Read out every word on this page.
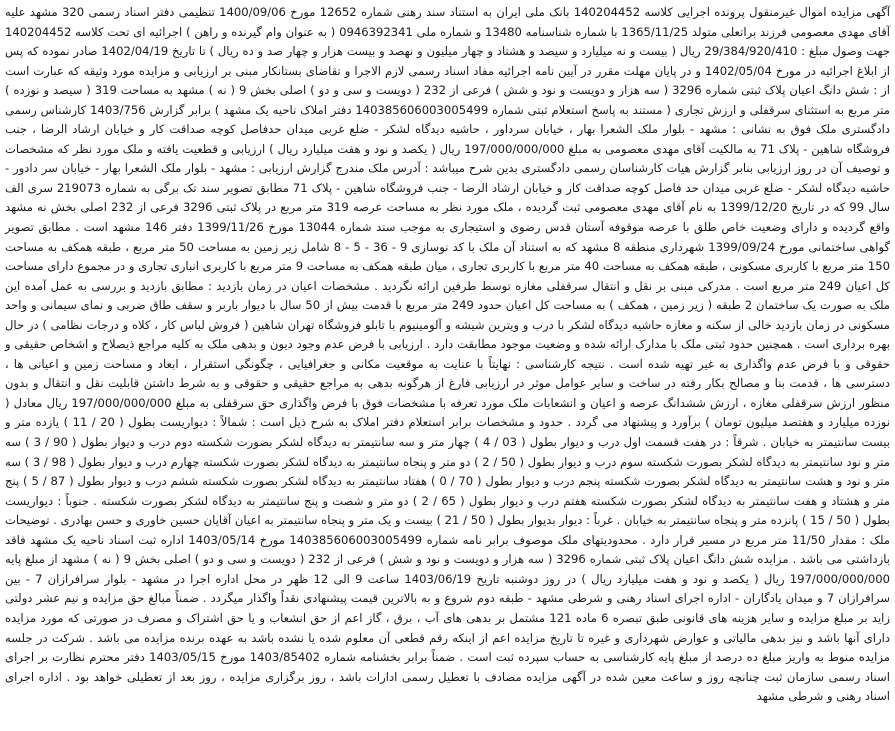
آگهی مزایده اموال غیرمنقول پرونده اجرایی کلاسه 140204452 بانک ملی ایران به استناد سند رهنی شماره 12652 مورخ 1400/09/06 تنظیمی دفتر اسناد رسمی 320 مشهد علیه آقای مهدی معصومی فرزند براتعلی متولد 1365/11/25 با شماره شناسنامه 13480 و شماره ملی 0946392341 ( به عنوان وام گیرنده و راهن ) اجرائیه ای تحت کلاسه 140204452 جهت وصول مبلغ : 29/384/920/410 ریال ( بیست و نه میلیارد و سیصد و هشتاد و چهار میلیون و نهصد و بیست هزار و چهار صد و ده ریال ) تا تاریخ 1402/04/19 صادر نموده که پس از ابلاغ اجرائیه در مورخ 1402/05/04 و در پایان مهلت مقرر در آیین نامه اجرائیه مفاد اسناد رسمی لازم الاجرا و تقاضای بستانکار مبنی بر ارزیابی و مزایده مورد وثیقه که عبارت است از : شش دانگ اعیان پلاک ثبتی شماره 3296 ( سه هزار و دویست و نود و شش ) فرعی از 232 ( دویست و سی و دو ) اصلی بخش 9 ( نه ) مشهد به مساحت 319 ( سیصد و نوزده ) متر مربع به استثنای سرقفلی و ارزش تجاری ( مستند به پاسخ استعلام ثبتی شماره 140385606003005499 دفتر املاک ناحیه یک مشهد ) برابر گزارش 1403/756 کارشناس رسمی دادگستری ملک فوق به نشانی : مشهد - بلوار ملک الشعرا بهار ، خیابان سرداور ، حاشیه دیدگاه لشکر - ضلع غربی میدان حدفاصل کوچه صداقت کار و خیابان ارشاد الرضا ، جنب فروشگاه شاهین - پلاک 71 به مالکیت آقای مهدی معصومی به مبلغ 197/000/000/000 ریال ( یکصد و نود و هفت میلیارد ریال ) ارزیابی و قطعیت یافته و ملک مورد نظر که مشخصات و توصیف آن در روز ارزیابی بنابر گزارش هیات کارشناسان رسمی دادگستری بدین شرح میباشد : آدرس ملک مندرج گزارش ارزیابی : مشهد - بلوار ملک الشعرا بهار - خیابان سر دادور - حاشیه دیدگاه لشکر - ضلع غربی میدان حد فاصل کوچه صداقت کار و خیابان ارشاد الرضا - جنب فروشگاه شاهین - پلاک 71 مطابق تصویر سند تک برگی به شماره 219073 سری الف سال 99 که در تاریخ 1399/12/20 به نام آقای مهدی معصومی ثبت گردیده ، ملک مورد نظر به مساحت عرصه 319 متر مربع در پلاک ثبتی 3296 فرعی از 232 اصلی بخش نه مشهد واقع گردیده و دارای وضعیت خاص طلق با عرصه موقوفه آستان قدس رضوی و استیجاری به موجب سند شماره 13044 مورخ 1399/11/26 دفتر 146 مشهد است . مطابق تصویر گواهی ساختمانی مورخ 1399/09/24 شهرداری منطقه 8 مشهد که به استناد آن ملک با کد نوسازی 9 - 36 - 5 - 8 شامل زیر زمین به مساحت 50 متر مربع ، طبقه همکف به مساحت 150 متر مربع با کاربری مسکونی ، طبقه همکف به مساحت 40 متر مربع با کاربری تجاری ، میان طبقه همکف به مساحت 9 متر مربع با کاربری انباری تجاری و در مجموع دارای مساحت کل اعیان 249 متر مربع است . مدرکی مبنی بر نقل و انتقال سرقفلی مغازه توسط طرفین ارائه نگردید . مشخصات اعیان در زمان بازدید : مطابق بازدید و بررسی به عمل آمده این ملک به صورت یک ساختمان 2 طبقه ( زیر زمین ، همکف ) به مساحت کل اعیان حدود 249 متر مربع با قدمت بیش از 50 سال با دیوار باربر و سقف طاق ضربی و نمای سیمانی و واحد مسکونی در زمان بازدید خالی از سکنه و مغازه حاشیه دیدگاه لشکر با درب و ویترین شیشه و آلومینیوم با تابلو فروشگاه تهران شاهین ( فروش لباس کار ، کلاه و درجات نظامی ) در حال بهره برداری است . همچنین حدود ثبتی ملک با مدارک ارائه شده و وضعیت موجود مطابقت دارد . ارزیابی با فرض عدم وجود دیون و بدهی ملک به کلیه مراجع ذیصلاح و اشخاص حقیقی و حقوقی و با فرض عدم واگذاری به غیر تهیه شده است . نتیجه کارشناسی : نهایتاً با عنایت به موقعیت مکانی و جغرافیایی ، چگونگی استقرار ، ابعاد و مساحت زمین و اعیانی ها ، دسترسی ها ، قدمت بنا و مصالح بکار رفته در ساخت و سایر عوامل موثر در ارزیابی فارغ از هرگونه بدهی به مراجع حقیقی و حقوقی و به شرط داشتن قابلیت نقل و انتقال و بدون منظور ارزش سرقفلی مغازه ، ارزش ششدانگ عرصه و اعیان و انشعابات ملک مورد تعرفه با مشخصات فوق با فرض واگذاری حق سرقفلی به مبلغ 197/000/000/000 ریال معادل ( نوزده میلیارد و هفتصد میلیون تومان ) برآورد و پیشنهاد می گردد . حدود و مشخصات برابر استعلام دفتر املاک به شرح ذیل است : شمالاً : دیواریست بطول ( 20 / 11 ) یازده متر و بیست سانتیمتر به خیابان . شرقاً : در هفت قسمت اول درب و دیوار بطول ( 03 / 4 ) چهار متر و سه سانتیمتر به دیدگاه لشکر بصورت شکسته دوم درب و دیوار بطول ( 90 / 3 ) سه متر و نود سانتیمتر به دیدگاه لشکر بصورت شکسته سوم درب و دیوار بطول ( 50 / 2 ) دو متر و پنجاه سانتیمتر به دیدگاه لشکر بصورت شکسته چهارم درب و دیوار بطول ( 98 / 3 ) سه متر و نود و هشت سانتیمتر به دیدگاه لشکر بصورت شکسته پنجم درب و دیوار بطول ( 70 / 0 ) هفتاد سانتیمتر به دیدگاه لشکر بصورت شکسته ششم درب و دیوار بطول ( 87 / 5 ) پنج متر و هشتاد و هفت سانتیمتر به دیدگاه لشکر بصورت شکسته هفتم درب و دیوار بطول ( 65 / 2 ) دو متر و شصت و پنج سانتیمتر به دیدگاه لشکر بصورت شکسته . جنوباً : دیواریست بطول ( 50 / 15 ) پانزده متر و پنجاه سانتیمتر به خیابان . غرباً : دیوار بدیوار بطول ( 50 / 21 ) بیست و یک متر و پنجاه سانتیمتر به اعیان آقایان حسین خاوری و حسن بهادری . توضیحات ملک : مقدار 11/50 متر مربع در مسیر قرار دارد . محدودیتهای ملک موصوف برابر نامه شماره 140385606003005499 مورخ 1403/05/14 اداره ثبت اسناد ناحیه یک مشهد فاقد بازداشتی می باشد . مزایده شش دانگ اعیان پلاک ثبتی شماره 3296 ( سه هزار و دویست و نود و شش ) فرعی از 232 ( دویست و سی و دو ) اصلی بخش 9 ( نه ) مشهد از مبلغ پایه 197/000/000/000 ریال ( یکصد و نود و هفت میلیارد ریال ) در روز دوشنبه تاریخ 1403/06/19 ساعت 9 الی 12 ظهر در محل اداره اجرا در مشهد - بلوار سرافرازان 7 - بین سرافرازان 7 و میدان یادگاران - اداره اجرای اسناد رهنی و شرطی مشهد - طبقه دوم شروع و به بالاترین قیمت پیشنهادی نقداً واگذار میگردد . ضمناً مبالغ حق مزایده و نیم عشر دولتی زاید بر مبلغ مزایده و سایر هزینه های قانونی طبق تبصره 6 ماده 121 مشتمل بر بدهی های آب ، برق ، گاز اعم از حق انشعاب و یا حق اشتراک و مصرف در صورتی که مورد مزایده دارای آنها باشد و نیز بدهی مالیاتی و عوارض شهرداری و غیره تا تاریخ مزایده اعم از اینکه رقم قطعی آن معلوم شده یا نشده باشد به عهده برنده مزایده می باشد . شرکت در جلسه مزایده منوط به واریز مبلغ ده درصد از مبلغ پایه کارشناسی به حساب سپرده ثبت است . ضمناً برابر بخشنامه شماره 1403/85402 مورخ 1403/05/15 دفتر محترم نظارت بر اجرای اسناد رسمی سازمان ثبت چنانچه روز و ساعت معین شده در آگهی مزایده مصادف با تعطیل رسمی ادارات باشد ، روز برگزاری مزایده ، روز بعد از تعطیلی خواهد بود . اداره اجرای اسناد رهنی و شرطی مشهد
